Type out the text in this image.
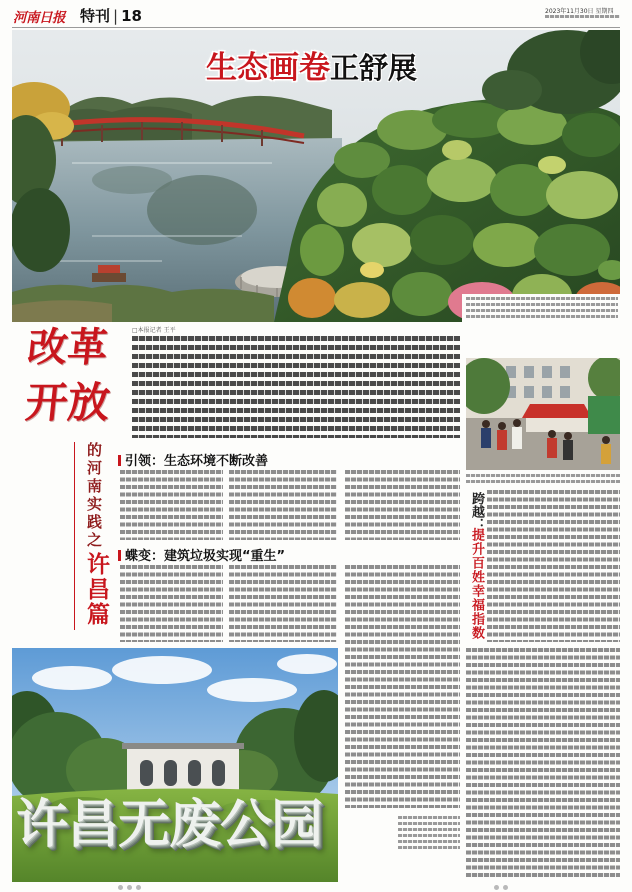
河南日报 特刊 | 18	2023年11月30日 星期四
生态画卷正舒展
改革
开放
的河南实践之
许昌篇
□本报记者 王平
引领：生态环境不断改善
蝶变：建筑垃圾实现“重生”
许昌无废公园
跨越：
提升百姓幸福指数
